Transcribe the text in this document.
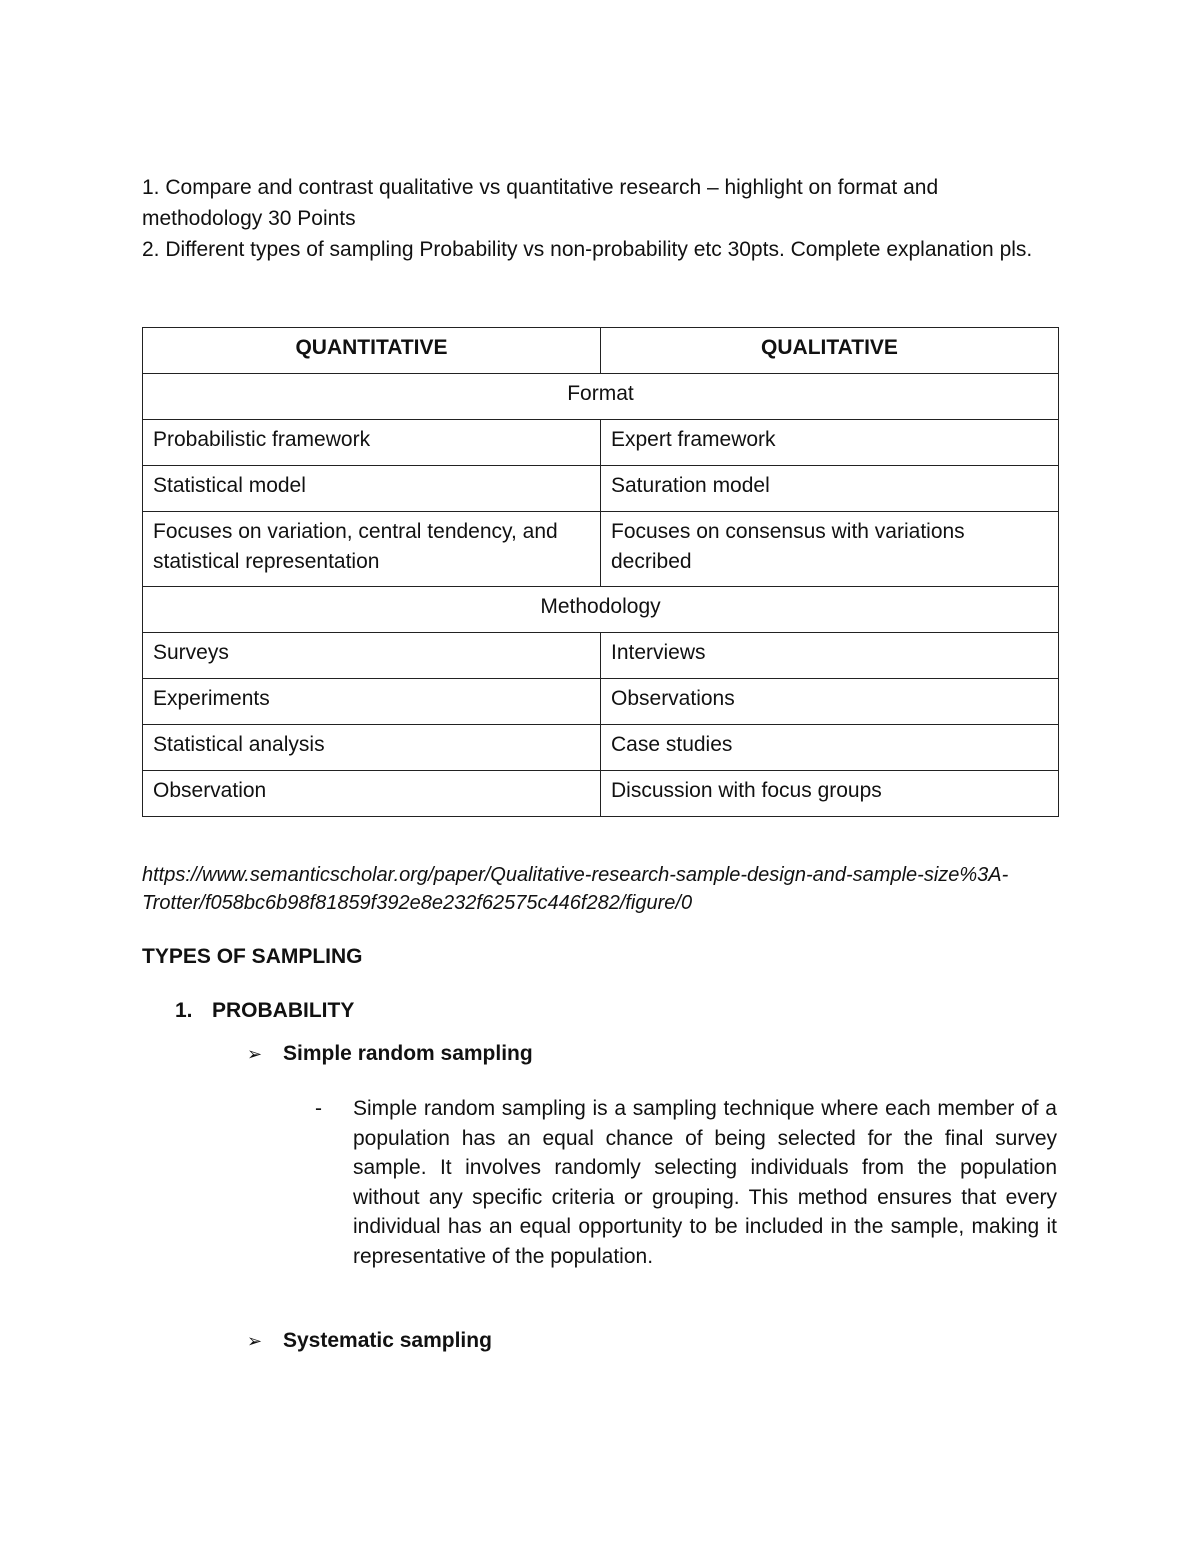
1. Compare and contrast qualitative vs quantitative research – highlight on format and methodology 30 Points

2. Different types of sampling Probability vs non-probability etc 30pts. Complete explanation pls.

QUANTITATIVE	QUALITATIVE
Format	
Probabilistic framework	Expert framework
Statistical model	Saturation model
Focuses on variation, central tendency, and statistical representation	Focuses on consensus with variations decribed
Methodology	
Surveys	Interviews
Experiments	Observations
Statistical analysis	Case studies
Observation	Discussion with focus groups
https://www.semanticscholar.org/paper/Qualitative-research-sample-design-and-sample-size%3A-Trotter/f058bc6b98f81859f392e8e232f62575c446f282/figure/0
TYPES OF SAMPLING
1. PROBABILITY
➢ Simple random sampling
-	Simple random sampling is a sampling technique where each member of a population has an equal chance of being selected for the final survey sample. It involves randomly selecting individuals from the population without any specific criteria or grouping. This method ensures that every individual has an equal opportunity to be included in the sample, making it representative of the population.

➢ Systematic sampling
